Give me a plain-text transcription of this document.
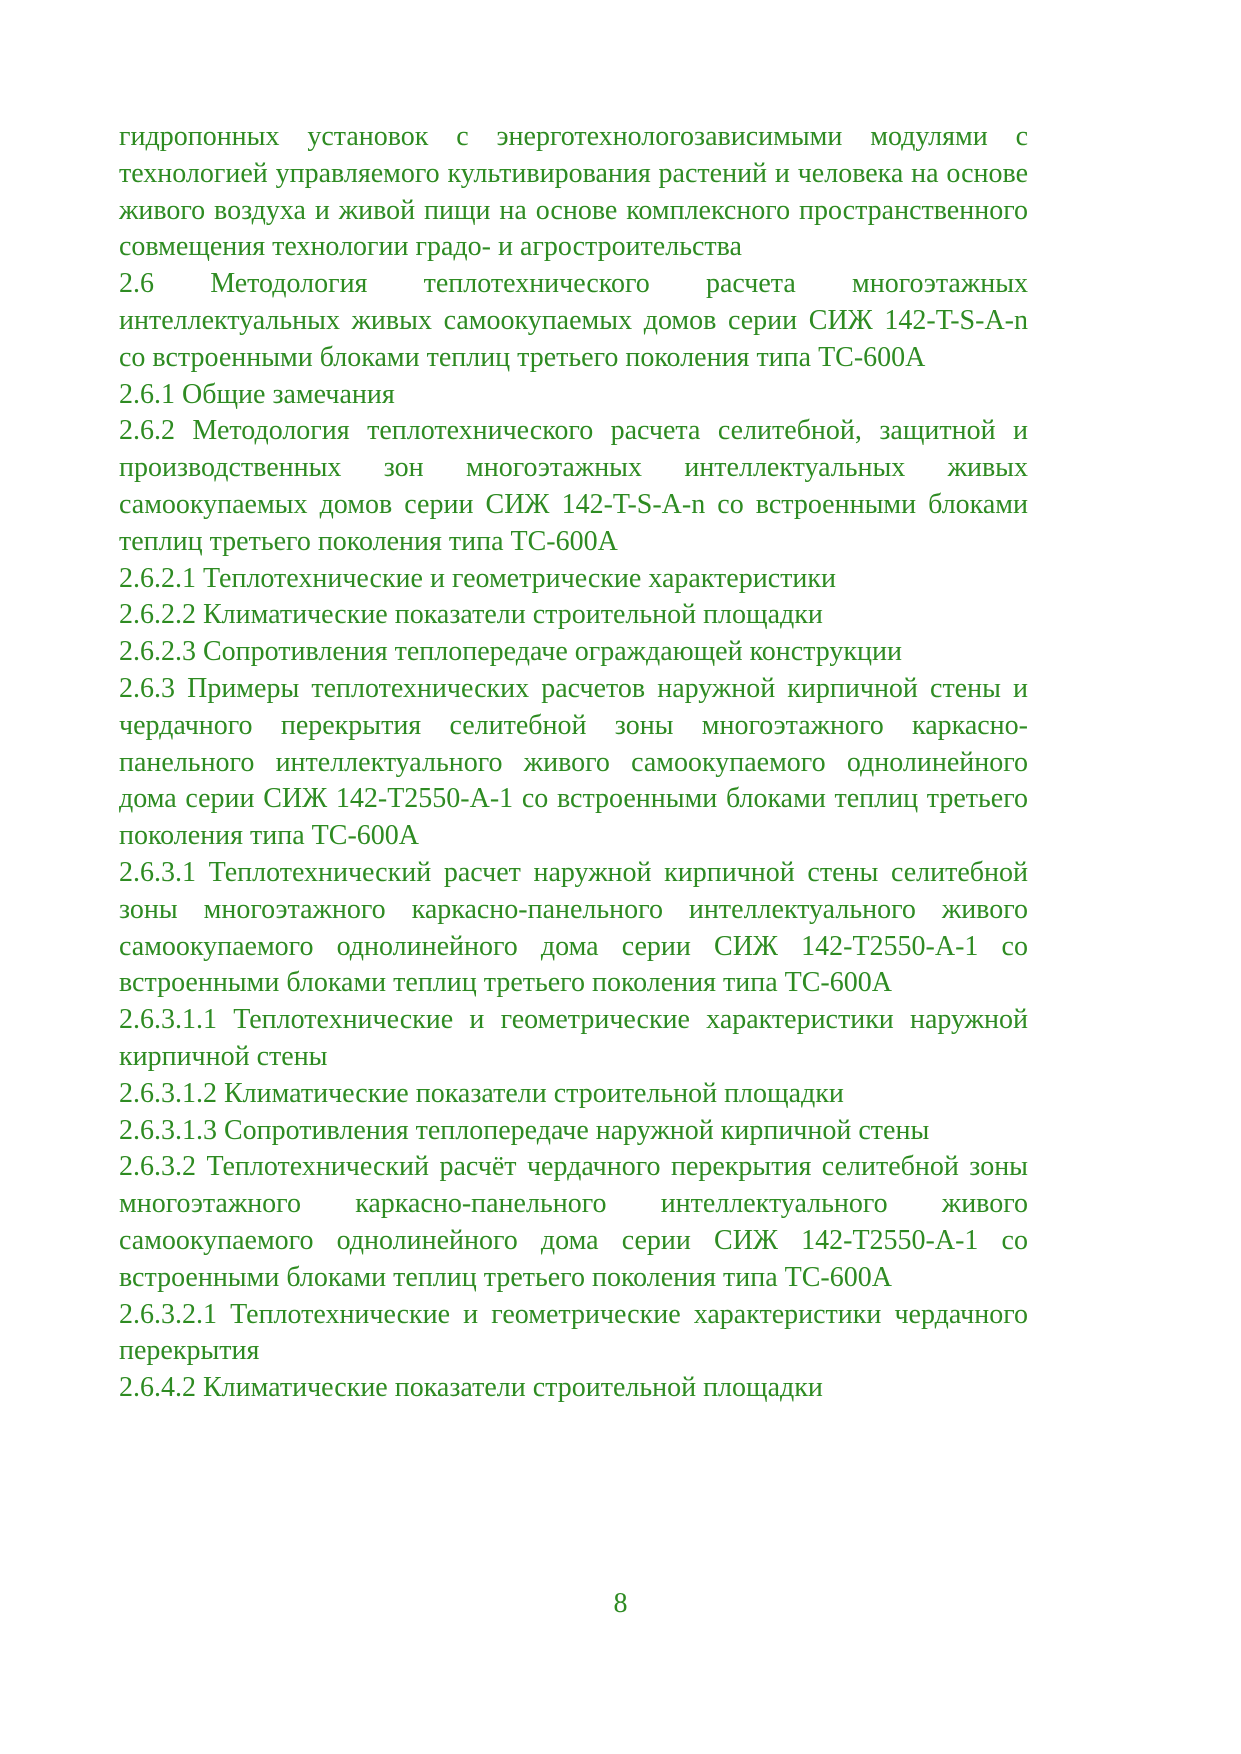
гидропонных установок с энерготехнологозависимыми модулями с технологией управляемого культивирования растений и человека на основе живого воздуха и живой пищи на основе комплексного пространственного совмещения технологии градо- и агростроительства

2.6 Методология теплотехнического расчета многоэтажных интеллектуальных живых самоокупаемых домов серии СИЖ 142-T-S-A-n со встроенными блоками теплиц третьего поколения типа ТС-600А

2.6.1 Общие замечания

2.6.2 Методология теплотехнического расчета селитебной, защитной и производственных зон многоэтажных интеллектуальных живых самоокупаемых домов серии СИЖ 142-T-S-A-n со встроенными блоками теплиц третьего поколения типа ТС-600А

2.6.2.1 Теплотехнические и геометрические характеристики

2.6.2.2 Климатические показатели строительной площадки

2.6.2.3 Сопротивления теплопередаче ограждающей конструкции

2.6.3 Примеры теплотехнических расчетов наружной кирпичной стены и чердачного перекрытия селитебной зоны многоэтажного каркасно-панельного интеллектуального живого самоокупаемого однолинейного дома серии СИЖ 142-Т2550-А-1 со встроенными блоками теплиц третьего поколения типа ТС-600А

2.6.3.1 Теплотехнический расчет наружной кирпичной стены селитебной зоны многоэтажного каркасно-панельного интеллектуального живого самоокупаемого однолинейного дома серии СИЖ 142-Т2550-А-1 со встроенными блоками теплиц третьего поколения типа ТС-600А

2.6.3.1.1 Теплотехнические и геометрические характеристики наружной кирпичной стены

2.6.3.1.2 Климатические показатели строительной площадки

2.6.3.1.3 Сопротивления теплопередаче наружной кирпичной стены

2.6.3.2 Теплотехнический расчёт чердачного перекрытия селитебной зоны многоэтажного каркасно-панельного интеллектуального живого самоокупаемого однолинейного дома серии СИЖ 142-Т2550-А-1 со встроенными блоками теплиц третьего поколения типа ТС-600А

2.6.3.2.1 Теплотехнические и геометрические характеристики чердачного перекрытия

2.6.4.2 Климатические показатели строительной площадки

8
